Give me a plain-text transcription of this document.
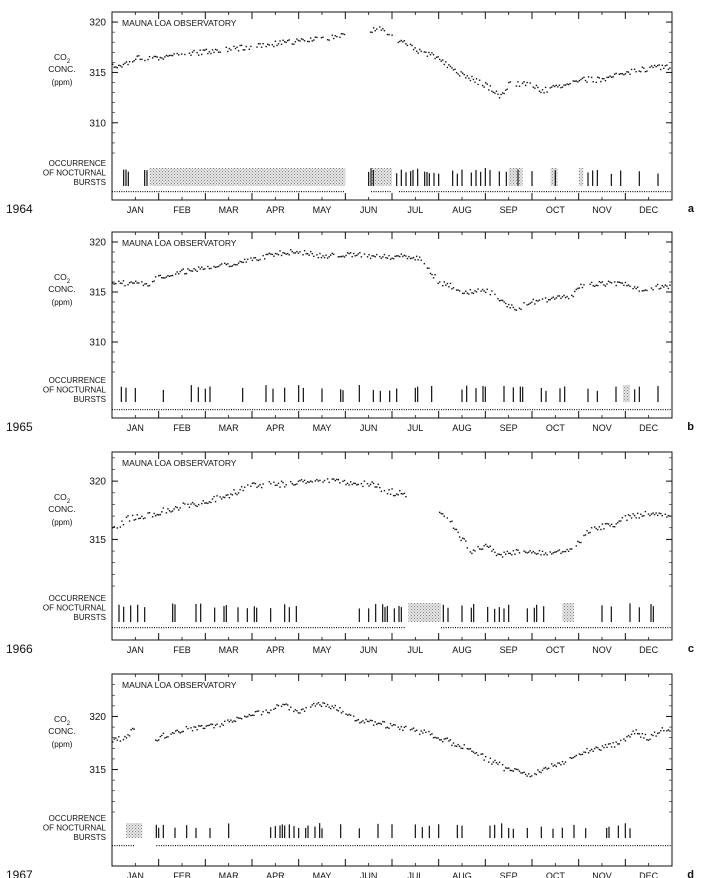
JAN	FEB	MAR	APR	MAY	JUN	JUL	AUG	SEP	OCT	NOV	DEC
310
315
320 MAUNA LOA OBSERVATORY
$CO_2$
CONC.
(ppm)
OCCURRENCE
OF NOCTURNAL
BURSTS
1964	a
JAN	FEB	MAR	APR	MAY	JUN	JUL	AUG	SEP	OCT	NOV	DEC
310
315
320 MAUNA LOA OBSERVATORY
$CO_2$
CONC.
(ppm)
OCCURRENCE
OF NOCTURNAL
BURSTS
1965	b
JAN	FEB	MAR	APR	MAY	JUN	JUL	AUG	SEP	OCT	NOV	DEC
315
320
MAUNA LOA OBSERVATORY
$CO_2$
CONC.
(ppm)
OCCURRENCE
OF NOCTURNAL
BURSTS
1966	c
JAN	FEB	MAR	APR	MAY	JUN	JUL	AUG	SEP	OCT	NOV	DEC
315
320
MAUNA LOA OBSERVATORY
$CO_2$
CONC.
(ppm)
OCCURRENCE
OF NOCTURNAL
BURSTS
1967	d
